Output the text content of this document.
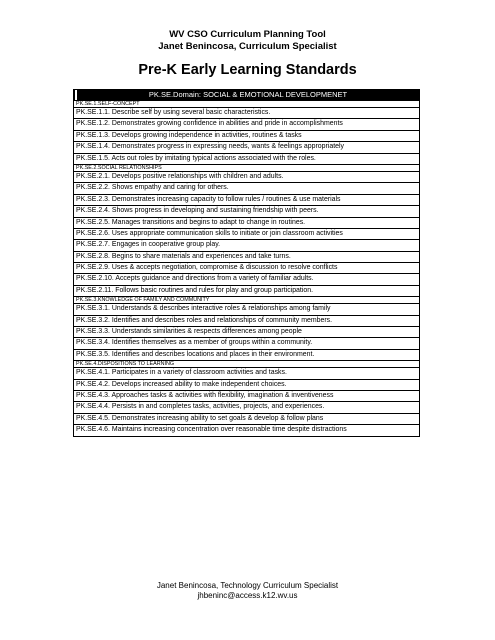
WV CSO Curriculum Planning Tool
Janet Benincosa, Curriculum Specialist
Pre-K Early Learning Standards
PK.SE.Domain: SOCIAL & EMOTIONAL DEVELOPMENET
PK.SE.1.SELF-CONCEPT
PK.SE.1.1. Describe self by using several basic characteristics.
PK.SE.1.2. Demonstrates growing confidence in abilities and pride in accomplishments
PK.SE.1.3. Develops growing independence in activities, routines & tasks
PK.SE.1.4. Demonstrates progress in expressing needs, wants & feelings appropriately
PK.SE.1.5. Acts out roles by imitating typical actions associated with the roles.
PK.SE.2.SOCIAL RELATIONSHIPS
PK.SE.2.1. Develops positive relationships with children and adults.
PK.SE.2.2. Shows empathy and caring for others.
PK.SE.2.3. Demonstrates increasing capacity to follow rules / routines & use materials
PK.SE.2.4. Shows progress in developing and sustaining friendship with peers.
PK.SE.2.5. Manages transitions and begins to adapt to change in routines.
PK.SE.2.6. Uses appropriate communication skills to initiate or join classroom activities
PK.SE.2.7. Engages in cooperative group play.
PK.SE.2.8. Begins to share materials and experiences and take turns.
PK.SE.2.9. Uses & accepts negotiation, compromise & discussion to resolve conflicts
PK.SE.2.10. Accepts guidance and directions from a variety of familiar adults.
PK.SE.2.11. Follows basic routines and rules for play and group participation.
PK.SE.3.KNOWLEDGE OF FAMILY AND COMMUNITY
PK.SE.3.1. Understands & describes interactive roles & relationships among family
PK.SE.3.2. Identifies and describes roles and relationships of community members.
PK.SE.3.3. Understands similarities & respects differences among people
PK.SE.3.4. Identifies themselves as a member of groups within a community.
PK.SE.3.5. Identifies and describes locations and places in their environment.
PK.SE.4.DISPOSITIONS TO LEARNING
PK.SE.4.1. Participates in a variety of classroom activities and tasks.
PK.SE.4.2. Develops increased ability to make independent choices.
PK.SE.4.3. Approaches tasks & activities with flexibility, imagination & inventiveness
PK.SE.4.4. Persists in and completes tasks, activities, projects, and experiences.
PK.SE.4.5. Demonstrates increasing ability to set goals & develop & follow plans
PK.SE.4.6. Maintains increasing concentration over reasonable time despite distractions
Janet Benincosa, Technology Curriculum Specialist
jhbeninc@access.k12.wv.us
